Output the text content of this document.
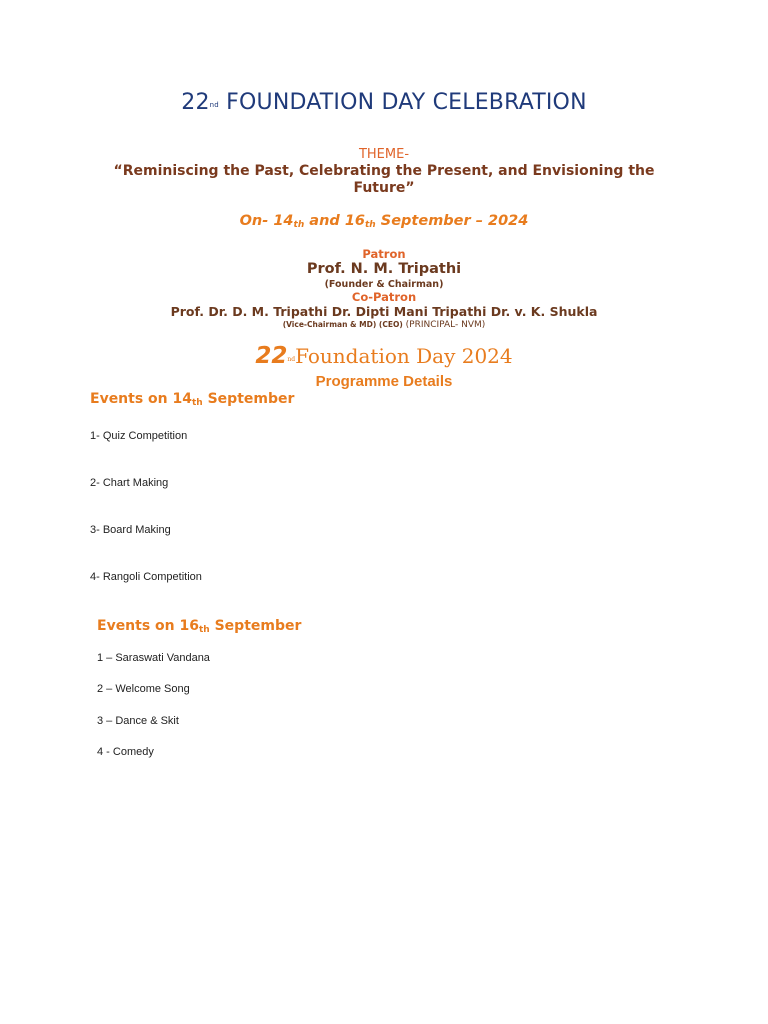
22nd FOUNDATION DAY CELEBRATION
THEME-
“Reminiscing the Past, Celebrating the Present, and Envisioning the Future”
On- $14_{th}$ and $16_{th}$ September – 2024
Patron
Prof. N. M. Tripathi
(Founder & Chairman)
Co-Patron
Prof. Dr. D. M. Tripathi Dr. Dipti Mani Tripathi Dr. v. K. Shukla
(Vice-Chairman & MD) (CEO) (PRINCIPAL- NVM)
22ndFoundation Day 2024
Programme Details
Events on $14_{th}$ September
1- Quiz Competition
2- Chart Making
3- Board Making
4- Rangoli Competition
Events on $16_{th}$ September
1 – Saraswati Vandana
2 – Welcome Song
3 – Dance & Skit
4 - Comedy
